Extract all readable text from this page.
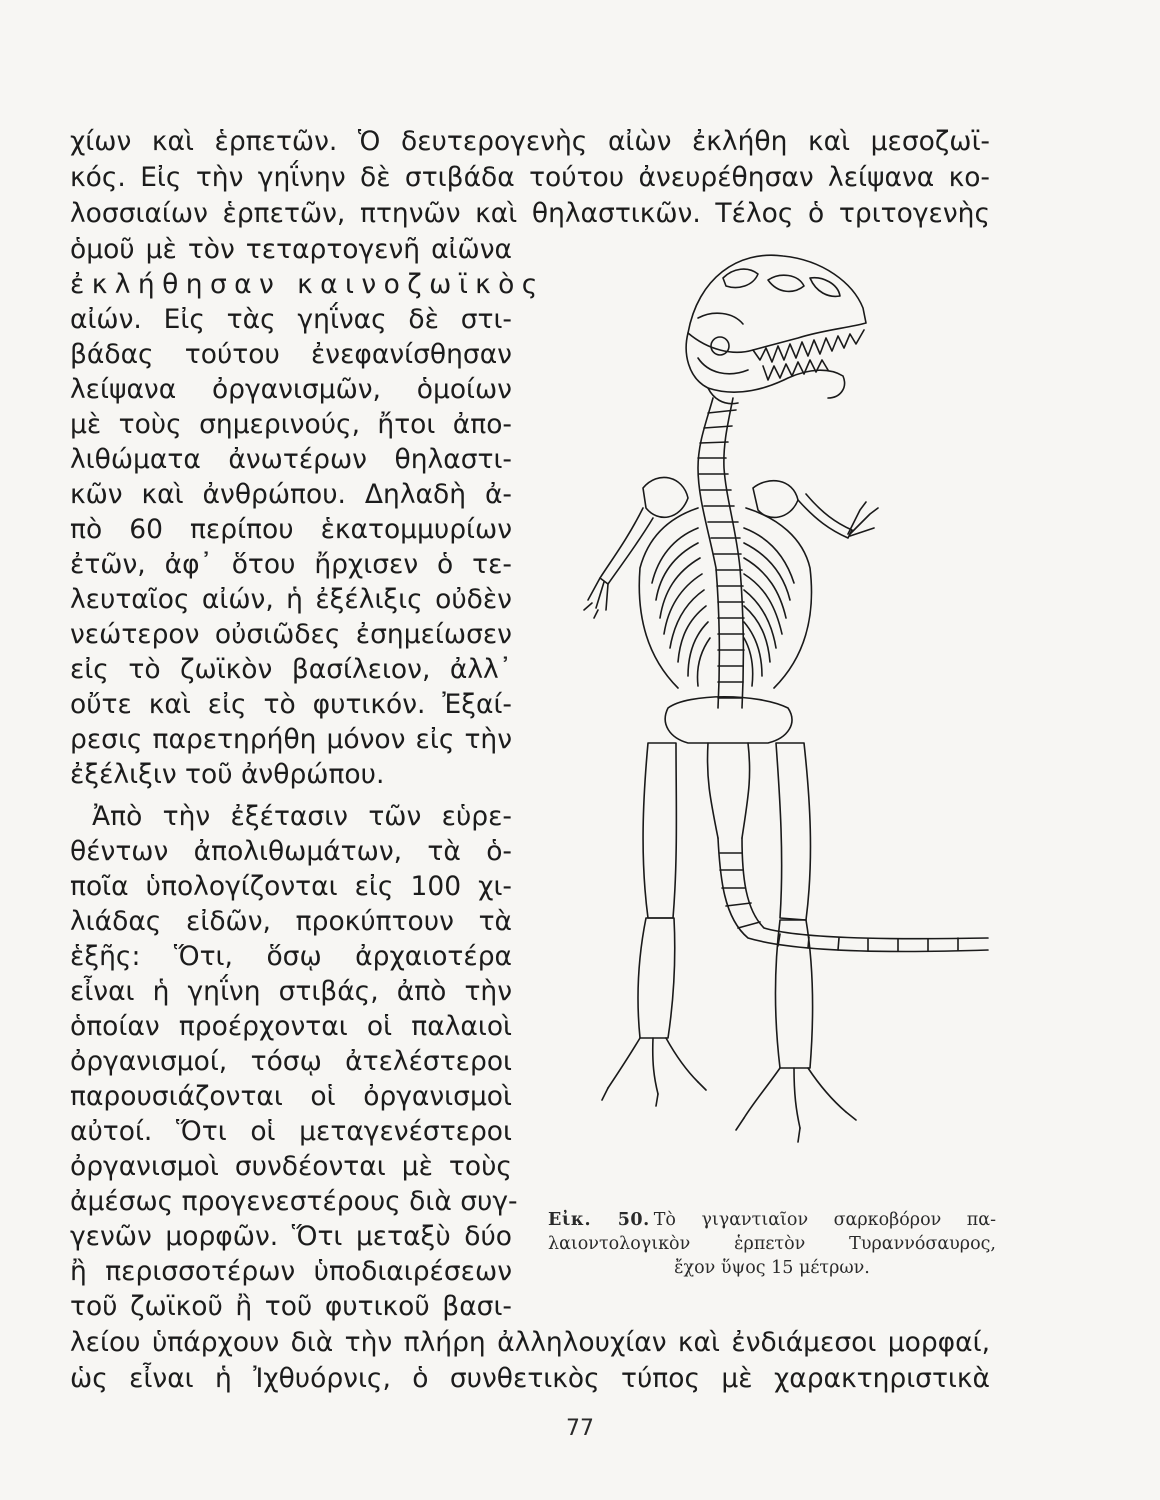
χίων καὶ ἑρπετῶν. Ὁ δευτερογενὴς αἰὼν ἐκλήθη καὶ μεσοζωϊ-
κός. Εἰς τὴν γηΐνην δὲ στιβάδα τούτου ἀνευρέθησαν λείψανα κο-
λοσσιαίων ἑρπετῶν, πτηνῶν καὶ θηλαστικῶν. Τέλος ὁ τριτογενὴς
ὁμοῦ μὲ τὸν τεταρτογενῆ αἰῶνα
ἐκλήθησαν καινοζωϊκὸς
αἰών. Εἰς τὰς γηΐνας δὲ στι-
βάδας τούτου ἐνεφανίσθησαν
λείψανα ὀργανισμῶν, ὁμοίων
μὲ τοὺς σημερινούς, ἤτοι ἀπο-
λιθώματα ἀνωτέρων θηλαστι-
κῶν καὶ ἀνθρώπου. Δηλαδὴ ἀ-
πὸ 60 περίπου ἑκατομμυρίων
ἐτῶν, ἀφ᾽ ὅτου ἤρχισεν ὁ τε-
λευταῖος αἰών, ἡ ἐξέλιξις οὐδὲν
νεώτερον οὐσιῶδες ἐσημείωσεν
εἰς τὸ ζωϊκὸν βασίλειον, ἀλλ᾽
οὔτε καὶ εἰς τὸ φυτικόν. Ἐξαί-
ρεσις παρετηρήθη μόνον εἰς τὴν
ἐξέλιξιν τοῦ ἀνθρώπου.
Ἀπὸ τὴν ἐξέτασιν τῶν εὑρε-
θέντων ἀπολιθωμάτων, τὰ ὁ-
ποῖα ὑπολογίζονται εἰς 100 χι-
λιάδας εἰδῶν, προκύπτουν τὰ
ἑξῆς: Ὅτι, ὅσῳ ἀρχαιοτέρα
εἶναι ἡ γηΐνη στιβάς, ἀπὸ τὴν
ὁποίαν προέρχονται οἱ παλαιοὶ
ὀργανισμοί, τόσῳ ἀτελέστεροι
παρουσιάζονται οἱ ὀργανισμοὶ
αὐτοί. Ὅτι οἱ μεταγενέστεροι
ὀργανισμοὶ συνδέονται μὲ τοὺς
ἀμέσως προγενεστέρους διὰ συγ-
γενῶν μορφῶν. Ὅτι μεταξὺ δύο
ἢ περισσοτέρων ὑποδιαιρέσεων
τοῦ ζωϊκοῦ ἢ τοῦ φυτικοῦ βασι-
λείου ὑπάρχουν διὰ τὴν πλήρη ἀλληλουχίαν καὶ ἐνδιάμεσοι μορφαί,
ὡς εἶναι ἡ Ἰχθυόρνις, ὁ συνθετικὸς τύπος μὲ χαρακτηριστικὰ
Εἰκ. 50. Τὸ γιγαντιαῖον σαρκοβόρον πα-
λαιοντολογικὸν ἑρπετὸν Τυραννόσαυρος,
ἔχον ὕψος 15 μέτρων.
77
